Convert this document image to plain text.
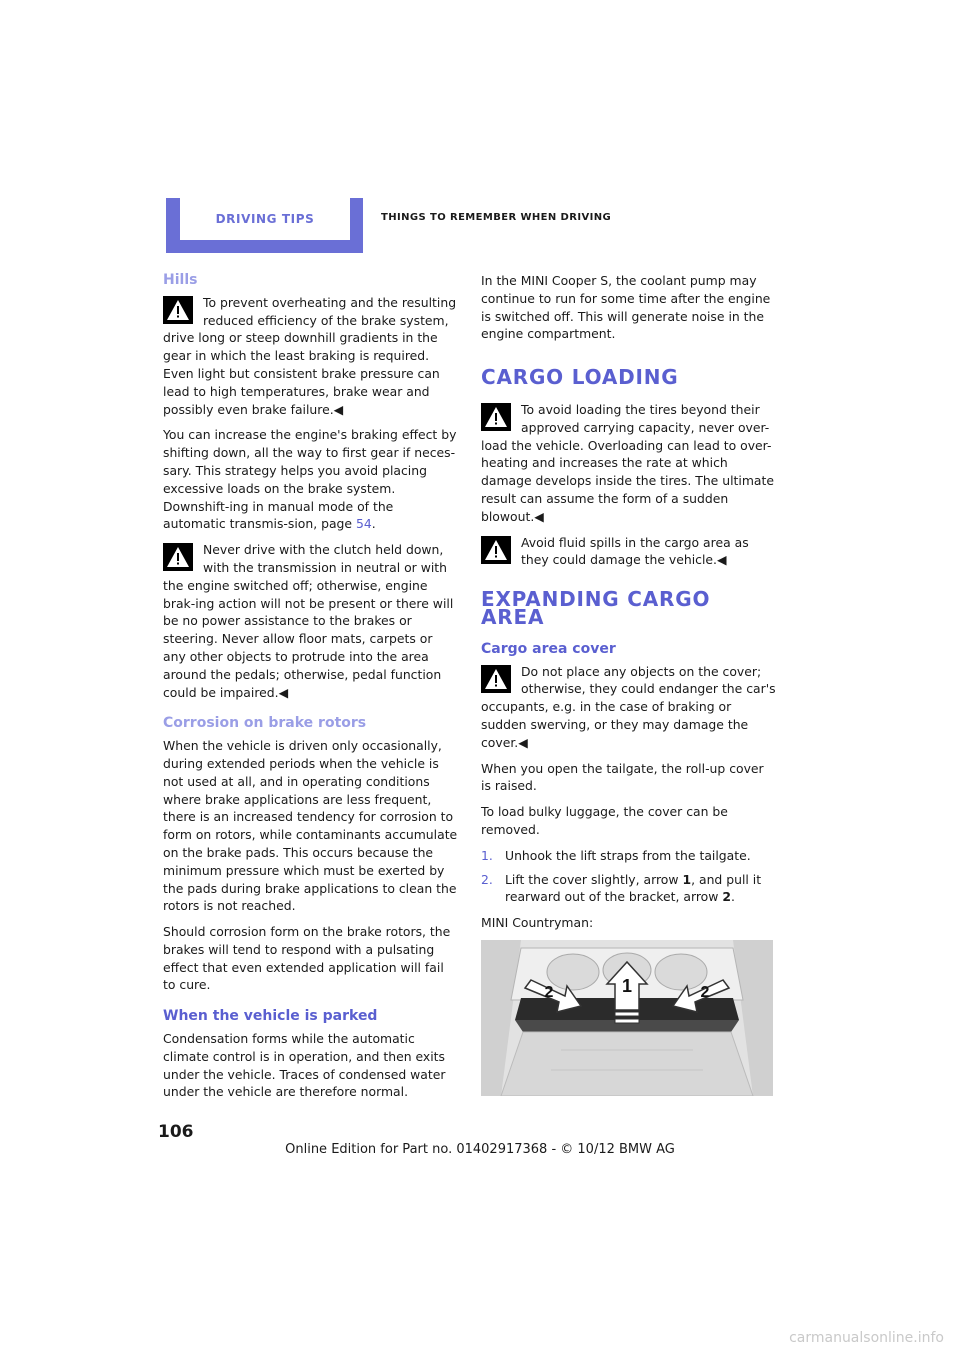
DRIVING TIPS	THINGS TO REMEMBER WHEN DRIVING
Hills
To prevent overheating and the resulting reduced efficiency of the brake system, drive long or steep downhill gradients in the gear in which the least braking is required. Even light but consistent brake pressure can lead to high temperatures, brake wear and possibly even brake failure.◀

You can increase the engine's braking effect by shifting down, all the way to first gear if neces-sary. This strategy helps you avoid placing excessive loads on the brake system. Downshift-ing in manual mode of the automatic transmis-sion, page 54.

Never drive with the clutch held down, with the transmission in neutral or with the engine switched off; otherwise, engine brak-ing action will not be present or there will be no power assistance to the brakes or steering. Never allow floor mats, carpets or any other objects to protrude into the area around the pedals; otherwise, pedal function could be impaired.◀
Corrosion on brake rotors

When the vehicle is driven only occasionally, during extended periods when the vehicle is not used at all, and in operating conditions where brake applications are less frequent, there is an increased tendency for corrosion to form on rotors, while contaminants accumulate on the brake pads. This occurs because the minimum pressure which must be exerted by the pads during brake applications to clean the rotors is not reached.

Should corrosion form on the brake rotors, the brakes will tend to respond with a pulsating effect that even extended application will fail to cure.

When the vehicle is parked

Condensation forms while the automatic climate control is in operation, and then exits under the vehicle. Traces of condensed water under the vehicle are therefore normal.

In the MINI Cooper S, the coolant pump may continue to run for some time after the engine is switched off. This will generate noise in the engine compartment.

CARGO LOADING
To avoid loading the tires beyond their approved carrying capacity, never over-load the vehicle. Overloading can lead to over-heating and increases the rate at which damage develops inside the tires. The ultimate result can assume the form of a sudden blowout.◀
Avoid fluid spills in the cargo area as they could damage the vehicle.◀
EXPANDING CARGO AREA
Cargo area cover
Do not place any objects on the cover; otherwise, they could endanger the car's occupants, e.g. in the case of braking or sudden swerving, or they may damage the cover.◀

When you open the tailgate, the roll-up cover is raised.

To load bulky luggage, the cover can be removed.

1. Unhook the lift straps from the tailgate.
2. Lift the cover slightly, arrow 1, and pull it rearward out of the bracket, arrow 2.

MINI Countryman:

1
2	2
106
Online Edition for Part no. 01402917368 - © 10/12 BMW AG
carmanualsonline.info
